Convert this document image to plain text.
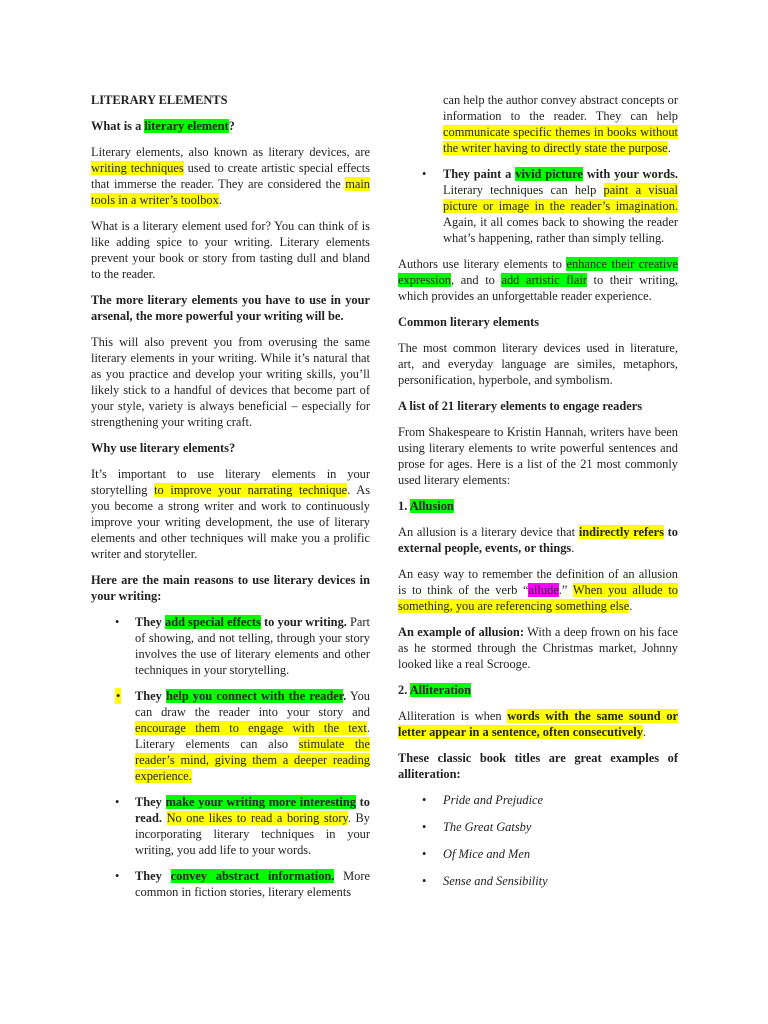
LITERARY ELEMENTS

What is a literary element?

Literary elements, also known as literary devices, are writing techniques used to create artistic special effects that immerse the reader. They are considered the main tools in a writer’s toolbox.

What is a literary element used for? You can think of is like adding spice to your writing. Literary elements prevent your book or story from tasting dull and bland to the reader.

The more literary elements you have to use in your arsenal, the more powerful your writing will be.

This will also prevent you from overusing the same literary elements in your writing. While it’s natural that as you practice and develop your writing skills, you’ll likely stick to a handful of devices that become part of your style, variety is always beneficial – especially for strengthening your writing craft.

Why use literary elements?

It’s important to use literary elements in your storytelling to improve your narrating technique. As you become a strong writer and work to continuously improve your writing development, the use of literary elements and other techniques will make you a prolific writer and storyteller.

Here are the main reasons to use literary devices in your writing:

• They add special effects to your writing. Part of showing, and not telling, through your story involves the use of literary elements and other techniques in your storytelling.
• They help you connect with the reader. You can draw the reader into your story and encourage them to engage with the text. Literary elements can also stimulate the reader’s mind, giving them a deeper reading experience.
• They make your writing more interesting to read. No one likes to read a boring story. By incorporating literary techniques in your writing, you add life to your words.
• They convey abstract information. More common in fiction stories, literary elements
can help the author convey abstract concepts or information to the reader. They can help communicate specific themes in books without the writer having to directly state the purpose.
• They paint a vivid picture with your words. Literary techniques can help paint a visual picture or image in the reader’s imagination. Again, it all comes back to showing the reader what’s happening, rather than simply telling.

Authors use literary elements to enhance their creative expression, and to add artistic flair to their writing, which provides an unforgettable reader experience.

Common literary elements

The most common literary devices used in literature, art, and everyday language are similes, metaphors, personification, hyperbole, and symbolism.

A list of 21 literary elements to engage readers

From Shakespeare to Kristin Hannah, writers have been using literary elements to write powerful sentences and prose for ages. Here is a list of the 21 most commonly used literary elements:

1. Allusion

An allusion is a literary device that indirectly refers to external people, events, or things.

An easy way to remember the definition of an allusion is to think of the verb “allude.” When you allude to something, you are referencing something else.

An example of allusion: With a deep frown on his face as he stormed through the Christmas market, Johnny looked like a real Scrooge.

2. Alliteration

Alliteration is when words with the same sound or letter appear in a sentence, often consecutively.

These classic book titles are great examples of alliteration:

• Pride and Prejudice
• The Great Gatsby
• Of Mice and Men
• Sense and Sensibility
